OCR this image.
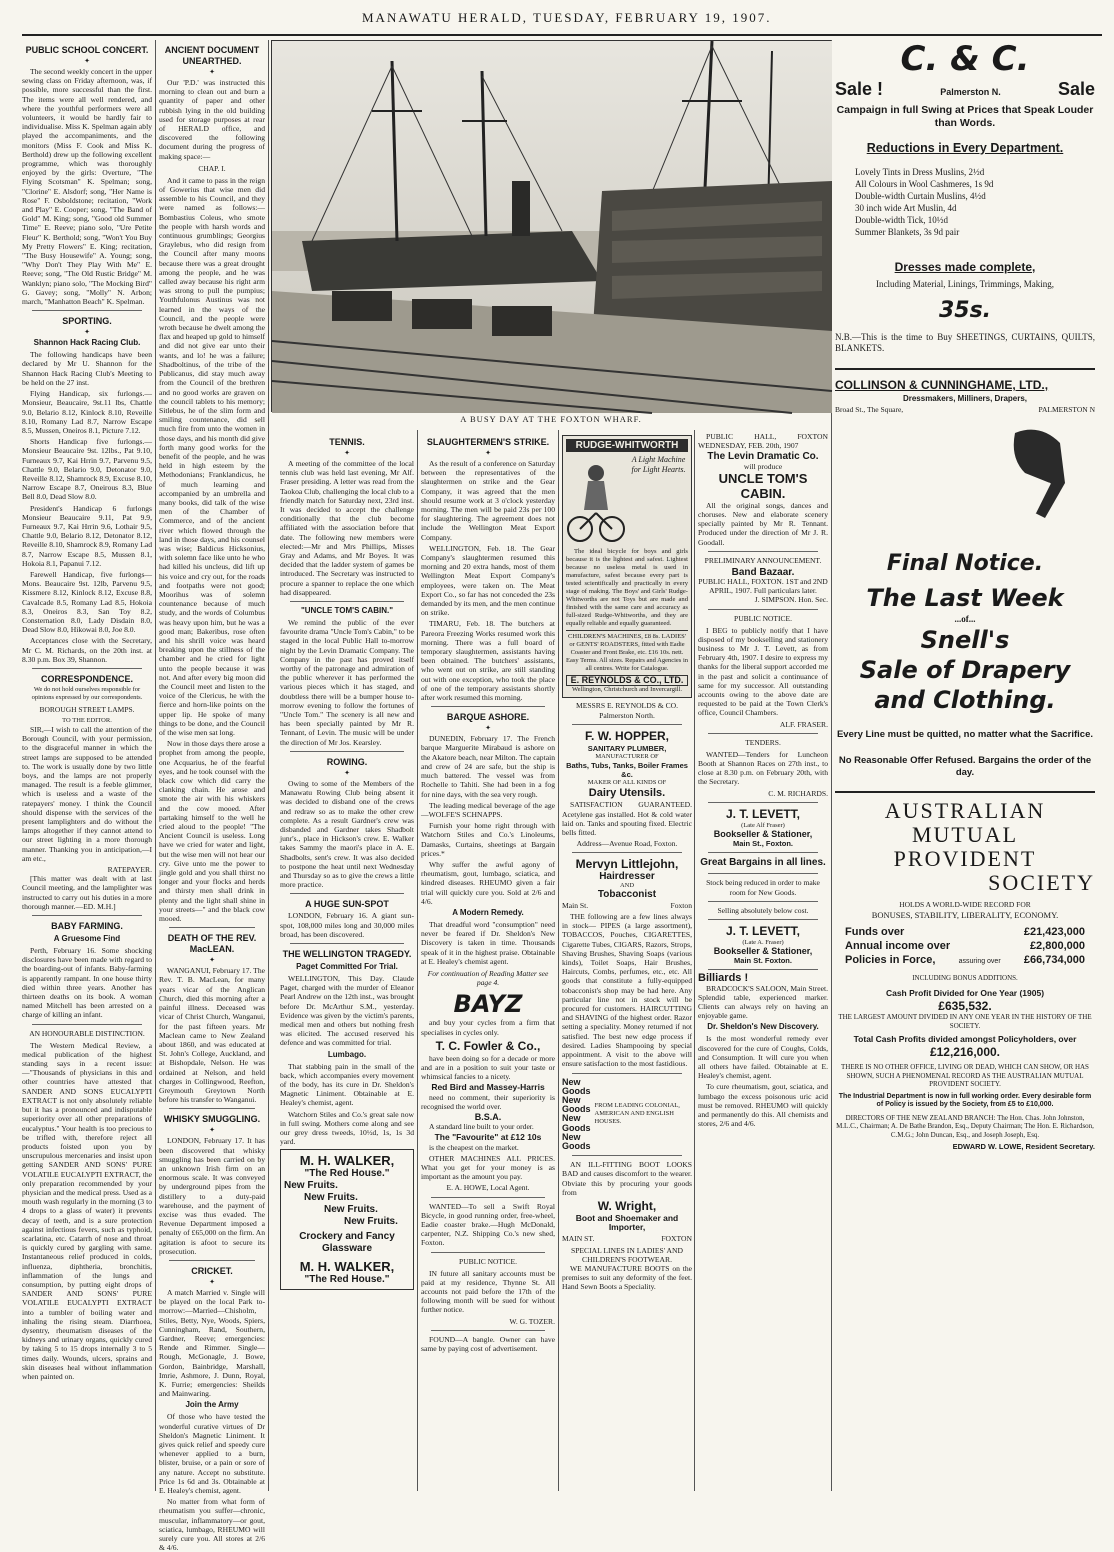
MANAWATU HERALD, TUESDAY, FEBRUARY 19, 1907.
PUBLIC SCHOOL CONCERT.
✦

The second weekly concert in the upper sewing class on Friday afternoon, was, if possible, more successful than the first. The items were all well rendered, and where the youthful performers were all volunteers, it would be hardly fair to individualise. Miss K. Spelman again ably played the accompaniments, and the monitors (Miss F. Cook and Miss K. Berthold) drew up the following excellent programme, which was thoroughly enjoyed by the girls: Overture, "The Flying Scotsman" K. Spelman; song, "Clorine" E. Alsdorf; song, "Her Name is Rose" F. Osboldstone; recitation, "Work and Play" E. Cooper; song, "The Band of Gold" M. King; song, "Good old Summer Time" E. Reeve; piano solo, "Ure Petite Fleur" K. Berthold; song, "Won't You Buy My Pretty Flowers" E. King; recitation, "The Busy Housewife" A. Young; song, "Why Don't They Play With Me" E. Reeve; song, "The Old Rustic Bridge" M. Wanklyn; piano solo, "The Mocking Bird" G. Gavey; song, "Molly" N. Arbon; march, "Manhatton Beach" K. Spelman.

SPORTING.
✦
Shannon Hack Racing Club.

The following handicaps have been declared by Mr U. Shannon for the Shannon Hack Racing Club's Meeting to be held on the 27 inst.

Flying Handicap, six furlongs.—Monsieur, Beaucaire, 9st.11 lbs, Chattle 9.0, Belario 8.12, Kinlock 8.10, Reveille 8.10, Romany Lad 8.7, Narrow Escape 8.5, Mussen, Oneiros 8.1, Picture 7.12.

Shorts Handicap five furlongs.—Monsieur Beaucaire 9st. 12lbs., Pat 9.10, Furneaux 9.7, Kai Hrrin 9.7, Parvenu 9.5, Chattle 9.0, Belario 9.0, Detonator 9.0, Reveille 8.12, Shamrock 8.9, Excuse 8.10, Narrow Escape 8.7, Oneirous 8.3, Blue Bell 8.0, Dead Slow 8.0.

President's Handicap 6 furlongs Monsieur Beaucaire 9.11, Pat 9.9, Furneaux 9.7, Kai Hrrin 9.6, Lothair 9.5, Chattle 9.0, Belario 8.12, Detonator 8.12, Reveille 8.10, Shamrock 8.9, Romany Lad 8.7, Narrow Escape 8.5, Mussen 8.1, Hokoia 8.1, Papanui 7.12.

Farewell Handicap, five furlongs—Mons. Beaucaire 9st. 12lb, Parvenu 9.5, Kissmere 8.12, Kinlock 8.12, Excuse 8.8, Cavalcade 8.5, Romany Lad 8.5, Hokoia 8.3, Oneiros 8.3, San Toy 8.2, Consternation 8.0, Lady Disdain 8.0, Dead Slow 8.0, Hikowai 8.0, Joe 8.0.

Acceptances close with the Secretary, Mr C. M. Richards, on the 20th inst. at 8.30 p.m. Box 39, Shannon.

CORRESPONDENCE.
We do not hold ourselves responsible for opinions expressed by our correspondents.
BOROUGH STREET LAMPS.
TO THE EDITOR.

SIR,—I wish to call the attention of the Borough Council, with your permission, to the disgraceful manner in which the street lamps are supposed to be attended to. The work is usually done by two little boys, and the lamps are not properly managed. The result is a feeble glimmer, which is useless and a waste of the ratepayers' money. I think the Council should dispense with the services of the present lamplighters and do without the lamps altogether if they cannot attend to our street lighting in a more thorough manner. Thanking you in anticipation,—I am etc.,

RATEPAYER.

[This matter was dealt with at last Council meeting, and the lamplighter was instructed to carry out his duties in a more thorough manner.—ED. M.H.]

BABY FARMING.
A Gruesome Find

Perth, February 16. Some shocking disclosures have been made with regard to the boarding-out of infants. Baby-farming is apparently rampant. In one house thirty died within three years. Another has thirteen deaths on its book. A woman named Mitchell has been arrested on a charge of killing an infant.

AN HONOURABLE DISTINCTION.

The Western Medical Review, a medical publication of the highest standing says in a recent issue:—"Thousands of physicians in this and other countries have attested that SANDER AND SONS EUCALYPTI EXTRACT is not only absolutely reliable but it has a pronounced and indisputable superiority over all other preparations of eucalyptus." Your health is too precious to be trifled with, therefore reject all products foisted upon you by unscrupulous mercenaries and insist upon getting SANDER AND SONS' PURE VOLATILE EUCALYPTI EXTRACT, the only preparation recommended by your physician and the medical press. Used as a mouth wash regularly in the morning (3 to 4 drops to a glass of water) it prevents decay of teeth, and is a sure protection against infectious fevers, such as typhoid, scarlatina, etc. Catarrh of nose and throat is quickly cured by gargling with same. Instantaneous relief produced in colds, influenza, diphtheria, bronchitis, inflammation of the lungs and consumption, by putting eight drops of SANDER AND SONS' PURE VOLATILE EUCALYPTI EXTRACT into a tumbler of boiling water and inhaling the rising steam. Diarrhoea, dysentry, rheumatism diseases of the kidneys and urinary organs, quickly cured by taking 5 to 15 drops internally 3 to 5 times daily. Wounds, ulcers, sprains and skin diseases heal without inflammation when painted on.

ANCIENT DOCUMENT UNEARTHED.
✦

Our 'P.D.' was instructed this morning to clean out and burn a quantity of paper and other rubbish lying in the old building used for storage purposes at rear of HERALD office, and discovered the following document during the progress of making space:—

CHAP. I.

And it came to pass in the reign of Gowerius that wise men did assemble to his Council, and they were named as follows:—Bombastius Coleus, who smote the people with harsh words and continuous grumblings; Georgius Graylebus, who did resign from the Council after many moons because there was a great drought among the people, and he was called away because his right arm was strong to pull the pumpius; Youthfulonus Austinus was not learned in the ways of the Council, and the people were wroth because he dwelt among the flax and heaped up gold to himself and did not give ear unto their wants, and lo! he was a failure; Shadboltinus, of the tribe of the Publicanus, did stay much away from the Council of the brethren and no good works are graven on the council tablets to his memory; Sitlebus, he of the slim form and smiling countenance, did sell much fire from unto the women in those days, and his month did give forth many good works for the benefit of the people, and he was held in high esteem by the Methodonians; Franklandicus, he of much learning and accompanied by an umbrella and many books, did talk of the wise men of the Chamber of Commerce, and of the ancient river which flowed through the land in those days, and his counsel was wise; Baldicus Hicksonius, with solemn face like unto he who had killed his uncleus, did lift up his voice and cry out, for the roads and footpaths were not good; Moorihus was of solemn countenance because of much study, and the words of Columbus was heavy upon him, but he was a good man; Bakeribus, rose often and his shrill voice was heard breaking upon the stillness of the chamber and he cried for light unto the people because it was not. And after every big moon did the Council meet and listen to the voice of the Clericus, he with the fierce and horn-like points on the upper lip. He spoke of many things to be done, and the Council of the wise men sat long.

Now in those days there arose a prophet from among the people, one Acquarius, he of the fearful eyes, and he took counsel with the black cow which did carry the clanking chain. He arose and smote the air with his whiskers and the cow mooed. After partaking himself to the well he cried aloud to the people! "The Ancient Council is useless. Long have we cried for water and light, but the wise men will not hear our cry. Give unto me the power to jingle gold and you shall thirst no longer and your flocks and herds and thirsty men shall drink in plenty and the light shall shine in your streets—" and the black cow mooed.

DEATH OF THE REV. MacLEAN.
✦

WANGANUI, February 17. The Rev. T. B. MacLean, for many years vicar of the Anglican Church, died this morning after a painful illness. Deceased was vicar of Christ Church, Wanganui, for the past fifteen years. Mr Maclean came to New Zealand about 1860, and was educated at St. John's College, Auckland, and at Bishopdale, Nelson. He was ordained at Nelson, and held charges in Collingwood, Reefton, Greymouth Greytown North before his transfer to Wanganui.

WHISKY SMUGGLING.
✦

LONDON, February 17. It has been discovered that whisky smuggling has been carried on by an unknown Irish firm on an enormous scale. It was conveyed by underground pipes from the distillery to a duty-paid warehouse, and the payment of excise was thus evaded. The Revenue Department imposed a penalty of £65,000 on the firm. An agitation is afoot to secure its prosecution.

CRICKET.
✦

A match Married v. Single will be played on the local Park to-morrow:—Married—Chisholm, Stiles, Betty, Nye, Woods, Spiers, Cunningham, Rand, Southern, Gardner, Reeve; emergencies: Rende and Rimmer. Single—Rough, McGonagle, J. Bowe, Gordon, Bainbridge, Marshall, Imrie, Ashmore, J. Dunn, Royal, K. Furrie; emergencies: Sheilds and Mainwaring.

Join the Army

Of those who have tested the wonderful curative virtues of Dr Sheldon's Magnetic Liniment. It gives quick relief and speedy cure whenever applied to a burn, blister, bruise, or a pain or sore of any nature. Accept no substitute. Price 1s 6d and 3s. Obtainable at E. Healey's chemist, agent.

No matter from what form of rheumatism you suffer—chronic, muscular, inflammatory—or gout, sciatica, lumbago, RHEUMO will surely cure you. All stores at 2/6 & 4/6.

A BUSY DAY AT THE FOXTON WHARF.
TENNIS.
✦

A meeting of the committee of the local tennis club was held last evening, Mr Alf. Fraser presiding. A letter was read from the Taokoa Club, challenging the local club to a friendly match for Saturday next, 23rd inst. It was decided to accept the challenge conditionally that the club become affiliated with the association before that date. The following new members were elected:—Mr and Mrs Phillips, Misses Gray and Adams, and Mr Boyes. It was decided that the ladder system of games be introduced. The Secretary was instructed to procure a spanner to replace the one which had disappeared.

"UNCLE TOM'S CABIN."

We remind the public of the ever favourite drama "Uncle Tom's Cabin," to be staged in the local Public Hall to-morrow night by the Levin Dramatic Company. The Company in the past has proved itself worthy of the patronage and admiration of the public wherever it has performed the various pieces which it has staged, and doubtless there will be a bumper house to-morrow evening to follow the fortunes of "Uncle Tom." The scenery is all new and has been specially painted by Mr R. Tennant, of Levin. The music will be under the direction of Mr Jos. Kearsley.

ROWING.
✦

Owing to some of the Members of the Manawatu Rowing Club being absent it was decided to disband one of the crews and redraw so as to make the other crew complete. As a result Gardner's crew was disbanded and Gardner takes Shadbolt junr's., place in Hickson's crew. E. Walker takes Sammy the maori's place in A. E. Shadbolts, sent's crew. It was also decided to postpone the heat until next Wednesday and Thursday so as to give the crews a little more practice.

A HUGE SUN-SPOT

LONDON, February 16. A giant sun-spot, 108,000 miles long and 30,000 miles broad, has been discovered.

THE WELLINGTON TRAGEDY.
Paget Committed For Trial.

WELLINGTON, This Day. Claude Paget, charged with the murder of Eleanor Pearl Andrew on the 12th inst., was brought before Dr. McArthur S.M., yesterday. Evidence was given by the victim's parents, medical men and others but nothing fresh was elicited. The accused reserved his defence and was committed for trial.

Lumbago.

That stabbing pain in the small of the back, which accompanies every movement of the body, has its cure in Dr. Sheldon's Magnetic Liniment. Obtainable at E. Healey's chemist, agent.

Watchorn Stiles and Co.'s great sale now in full swing. Mothers come along and see our grey dress tweeds, 10½d, 1s, 1s 3d yard.

M. H. WALKER,
"The Red House."
New Fruits.
New Fruits.
New Fruits.
New Fruits.
Crockery and Fancy Glassware
M. H. WALKER,
"The Red House."
SLAUGHTERMEN'S STRIKE.
✦

As the result of a conference on Saturday between the representatives of the slaughtermen on strike and the Gear Company, it was agreed that the men should resume work at 3 o'clock yesterday morning. The men will be paid 23s per 100 for slaughtering. The agreement does not include the Wellington Meat Export Company.

WELLINGTON, Feb. 18. The Gear Company's slaughtermen resumed this morning and 20 extra hands, most of them Wellington Meat Export Company's employees, were taken on. The Meat Export Co., so far has not conceded the 23s demanded by its men, and the men continue on strike.

TIMARU, Feb. 18. The butchers at Pareora Freezing Works resumed work this morning. There was a full board of temporary slaughtermen, assistants having been obtained. The butchers' assistants, who went out on strike, are still standing out with one exception, who took the place of one of the temporary assistants shortly after work resumed this morning.

BARQUE ASHORE.
✦

DUNEDIN, February 17. The French barque Marguerite Mirabaud is ashore on the Akatore beach, near Milton. The captain and crew of 24 are safe, but the ship is much battered. The vessel was from Rochelle to Tahiti. She had been in a fog for nine days, with the sea very rough.

The leading medical beverage of the age—WOLFE'S SCHNAPPS.

Furnish your home right through with Watchorn Stiles and Co.'s Linoleums, Damasks, Curtains, sheetings at Bargain prices.*

Why suffer the awful agony of rheumatism, gout, lumbago, sciatica, and kindred diseases. RHEUMO given a fair trial will quickly cure you. Sold at 2/6 and 4/6.

A Modern Remedy.

That dreadful word "consumption" need never be feared if Dr. Sheldon's New Discovery is taken in time. Thousands speak of it in the highest praise. Obtainable at E. Healey's chemist agent.

For continuation of Reading Matter see page 4.
BAYZ

and buy your cycles from a firm that specialises in cycles only.

T. C. Fowler & Co.,

have been doing so for a decade or more and are in a position to suit your taste or whimsical fancies to a nicety.

Red Bird and Massey-Harris

need no comment, their superiority is recognised the world over.

B.S.A.

A standard line built to your order.

The "Favourite" at £12 10s

is the cheapest on the market.

OTHER MACHINES ALL PRICES. What you get for your money is as important as the amount you pay.

E. A. HOWE, Local Agent.

WANTED—To sell a Swift Royal Bicycle, in good running order, free-wheel, Eadie coaster brake.—Hugh McDonald, carpenter, N.Z. Shipping Co.'s new shed, Foxton.

PUBLIC NOTICE.

IN future all sanitary accounts must be paid at my residence, Thynne St. All accounts not paid before the 17th of the following month will be sued for without further notice.

W. G. TOZER.

FOUND—A bangle. Owner can have same by paying cost of advertisement.

RUDGE-WHITWORTH
A Light Machine for Light Hearts.

The ideal bicycle for boys and girls because it is the lightest and safest. Lightest because no useless metal is used in manufacture, safest because every part is tested scientifically and practically in every stage of making. The Boys' and Girls' Rudge-Whitworths are not Toys but are made and finished with the same care and accuracy as full-sized Rudge-Whitworths, and they are equally reliable and equally guaranteed.

CHILDREN'S MACHINES, £8 8s. LADIES' or GENTS' ROADSTERS, fitted with Eadie Coaster and Front Brake, etc. £16 10s. nett. Easy Terms. All sizes. Repairs and Agencies in all centres. Write for Catalogue.

E. REYNOLDS & CO., LTD.
Wellington, Christchurch and Invercargill.
MESSRS E. REYNOLDS & CO. Palmerston North.
F. W. HOPPER,
SANITARY PLUMBER,
MANUFACTURER OF
Baths, Tubs, Tanks, Boiler Frames &c.
MAKER OF ALL KINDS OF
Dairy Utensils.

SATISFACTION GUARANTEED. Acetylene gas installed. Hot & cold water laid on. Tanks and spouting fixed. Electric bells fitted.

Address—Avenue Road, Foxton.
Mervyn Littlejohn,
Hairdresser
AND
Tobacconist
Main St.	Foxton

THE following are a few lines always in stock— PIPES (a large assortment), TOBACCOS, Pouches, CIGARETTES, Cigarette Tubes, CIGARS, Razors, Strops, Shaving Brushes, Shaving Soaps (various kinds), Toilet Soaps, Hair Brushes, Haircuts, Combs, perfumes, etc., etc. All goods that constitute a fully-equipped tobacconist's shop may be had here. Any particular line not in stock will be procured for customers. HAIRCUTTING and SHAVING of the highest order. Razor setting a speciality. Money returned if not satisfied. The best new edge process if desired. Ladies Shampooing by special appointment. A visit to the above will ensure satisfaction to the most fastidious.

New Goods
New Goods
New Goods
New Goods
FROM LEADING COLONIAL, AMERICAN AND ENGLISH HOUSES.

AN ILL-FITTING BOOT LOOKS BAD and causes discomfort to the wearer. Obviate this by procuring your goods from

W. Wright,
Boot and Shoemaker and Importer,
MAIN ST.	FOXTON
SPECIAL LINES IN LADIES' AND CHILDREN'S FOOTWEAR.

WE MANUFACTURE BOOTS on the premises to suit any deformity of the feet. Hand Sewn Boots a Speciality.

PUBLIC HALL, FOXTON WEDNESDAY, FEB. 20th, 1907

The Levin Dramatic Co.
will produce
UNCLE TOM'S CABIN.

All the original songs, dances and choruses. New and elaborate scenery specially painted by Mr R. Tennant. Produced under the direction of Mr J. R. Goodall.

PRELIMINARY ANNOUNCEMENT.
Band Bazaar.
PUBLIC HALL, FOXTON. 1ST and 2ND APRIL, 1907. Full particulars later.
J. SIMPSON. Hon. Sec.
PUBLIC NOTICE.

I BEG to publicly notify that I have disposed of my bookselling and stationery business to Mr J. T. Levett, as from February 4th, 1907. I desire to express my thanks for the liberal support accorded me in the past and solicit a continuance of same for my successor. All outstanding accounts owing to the above date are requested to be paid at the Town Clerk's office, Council Chambers.

ALF. FRASER.
TENDERS.

WANTED—Tenders for Luncheon Booth at Shannon Races on 27th inst., to close at 8.30 p.m. on February 20th, with the Secretary.

C. M. RICHARDS.
J. T. LEVETT,
(Late Alf Fraser)
Bookseller & Stationer,
Main St., Foxton.
Great Bargains in all lines.
Stock being reduced in order to make room for New Goods.
Selling absolutely below cost.
J. T. LEVETT,
(Late A. Fraser)
Bookseller & Stationer,
Main St. Foxton.
Billiards !

BRADCOCK'S SALOON, Main Street. Splendid table, experienced marker. Clients can always rely on having an enjoyable game.

Dr. Sheldon's New Discovery.

Is the most wonderful remedy ever discovered for the cure of Coughs, Colds, and Consumption. It will cure you when all others have failed. Obtainable at E. Healey's chemist, agent.

To cure rheumatism, gout, sciatica, and lumbago the excess poisonous uric acid must be removed. RHEUMO will quickly and permanently do this. All chemists and stores, 2/6 and 4/6.

C. & C.
Sale !	Palmerston N.	Sale
Campaign in full Swing at Prices that Speak Louder than Words.
Reductions in Every Department.
Lovely Tints in Dress Muslins, 2½d
All Colours in Wool Cashmeres, 1s 9d
Double-width Curtain Muslins, 4½d
30 inch wide Art Muslin, 4d
Double-width Tick, 10½d
Summer Blankets, 3s 9d pair
Dresses made complete,
Including Material, Linings, Trimmings, Making,
35s.
N.B.—This is the time to Buy SHEETINGS, CURTAINS, QUILTS, BLANKETS.
COLLINSON & CUNNINGHAME, LTD.,
Dressmakers, Milliners, Drapers,
Broad St., The Square,	PALMERSTON N
Final Notice.
The Last Week
...of...
Snell's
Sale of Drapery
and Clothing.
Every Line must be quitted, no matter what the Sacrifice.
No Reasonable Offer Refused. Bargains the order of the day.
AUSTRALIAN
MUTUAL
PROVIDENT
SOCIETY
HOLDS A WORLD-WIDE RECORD FOR
BONUSES, STABILITY, LIBERALITY, ECONOMY.
Funds over	£21,423,000
Annual income over	£2,800,000
Policies in Force,	assuring over £66,734,000
INCLUDING BONUS ADDITIONS.
Cash Profit Divided for One Year (1905)
£635,532.
THE LARGEST AMOUNT DIVIDED IN ANY ONE YEAR IN THE HISTORY OF THE SOCIETY.
Total Cash Profits divided amongst Policyholders, over
£12,216,000.
THERE IS NO OTHER OFFICE, LIVING OR DEAD, WHICH CAN SHOW, OR HAS SHOWN, SUCH A PHENOMENAL RECORD AS THE AUSTRALIAN MUTUAL PROVIDENT SOCIETY.
The Industrial Department is now in full working order. Every desirable form of Policy is issued by the Society, from £5 to £10,000.
DIRECTORS OF THE NEW ZEALAND BRANCH: The Hon. Chas. John Johnston, M.L.C., Chairman; A. De Bathe Brandon, Esq., Deputy Chairman; The Hon. E. Richardson, C.M.G.; John Duncan, Esq., and Joseph Joseph, Esq.
EDWARD W. LOWE, Resident Secretary.
